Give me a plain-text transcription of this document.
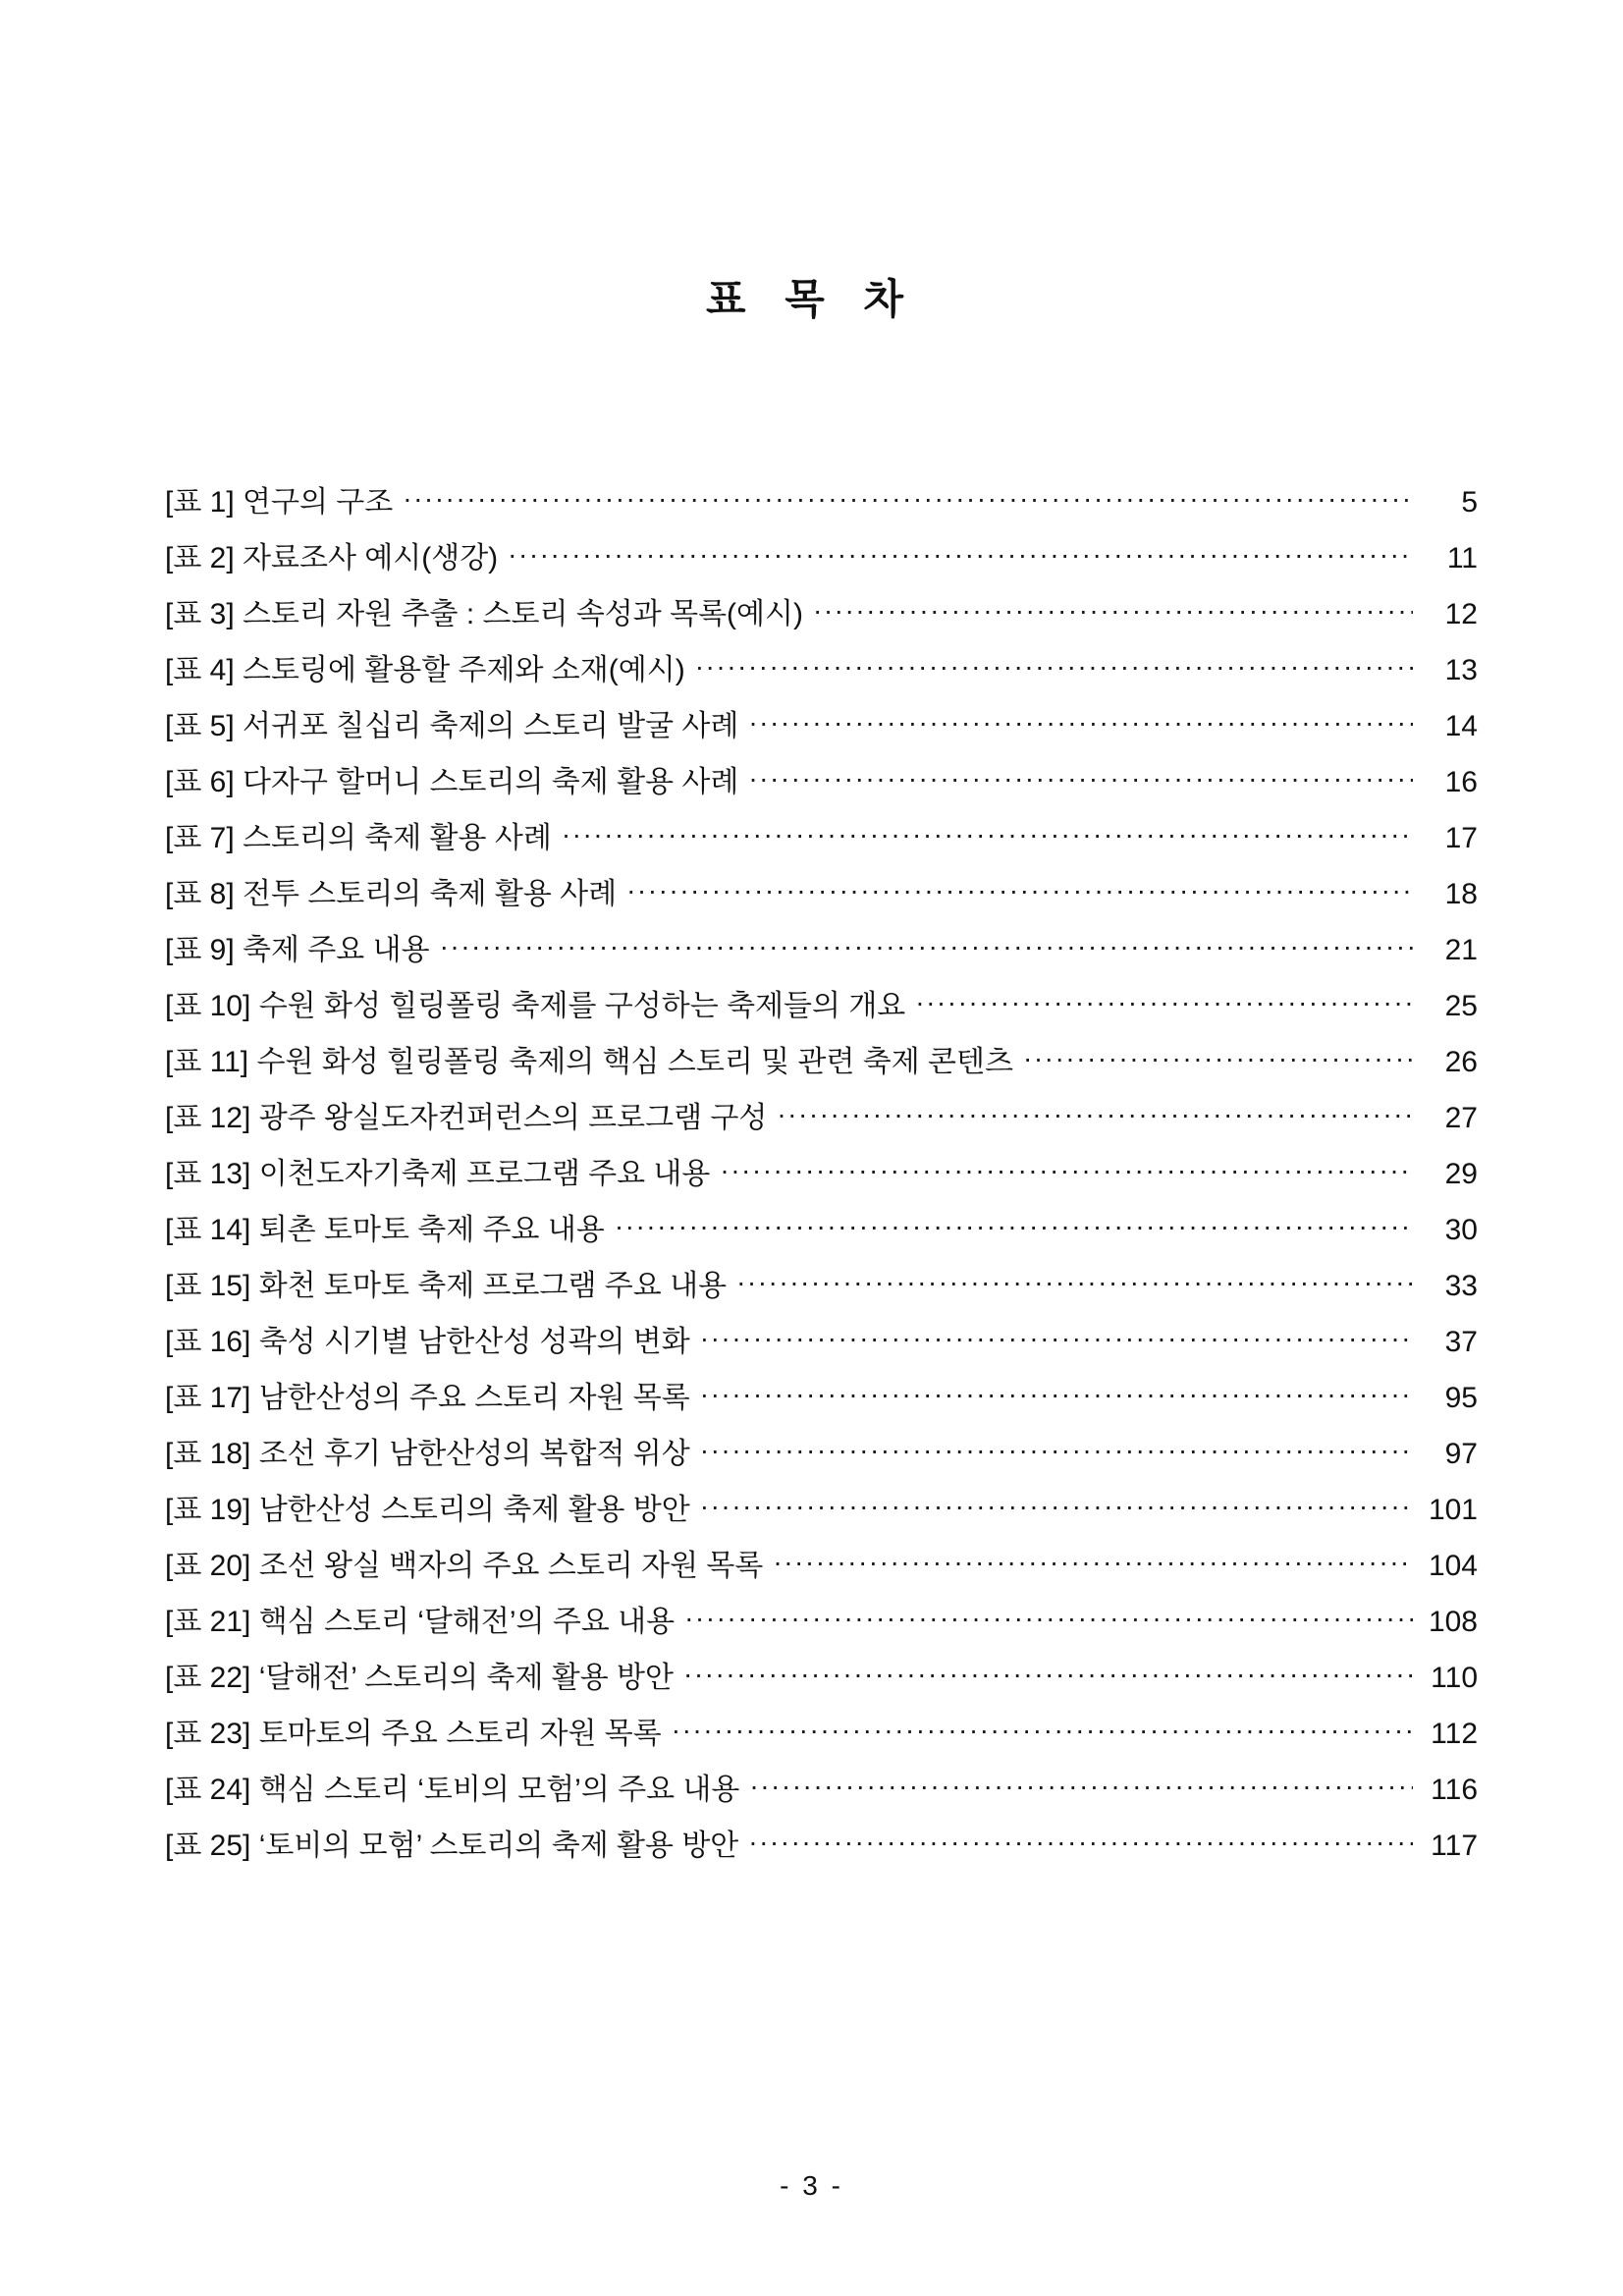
표 목 차
[표 1] 연구의 구조 ·····	5
[표 2] 자료조사 예시(생강) ·····	11
[표 3] 스토리 자원 추출 : 스토리 속성과 목록(예시) ·····	12
[표 4] 스토링에 활용할 주제와 소재(예시) ·····	13
[표 5] 서귀포 칠십리 축제의 스토리 발굴 사례 ·····	14
[표 6] 다자구 할머니 스토리의 축제 활용 사례 ·····	16
[표 7] 스토리의 축제 활용 사례 ·····	17
[표 8] 전투 스토리의 축제 활용 사례 ·····	18
[표 9] 축제 주요 내용 ·····	21
[표 10] 수원 화성 힐링폴링 축제를 구성하는 축제들의 개요 ·····	25
[표 11] 수원 화성 힐링폴링 축제의 핵심 스토리 및 관련 축제 콘텐츠 ·····	26
[표 12] 광주 왕실도자컨퍼런스의 프로그램 구성 ·····	27
[표 13] 이천도자기축제 프로그램 주요 내용 ·····	29
[표 14] 퇴촌 토마토 축제 주요 내용 ·····	30
[표 15] 화천 토마토 축제 프로그램 주요 내용 ·····	33
[표 16] 축성 시기별 남한산성 성곽의 변화 ·····	37
[표 17] 남한산성의 주요 스토리 자원 목록 ·····	95
[표 18] 조선 후기 남한산성의 복합적 위상 ·····	97
[표 19] 남한산성 스토리의 축제 활용 방안 ·····	101
[표 20] 조선 왕실 백자의 주요 스토리 자원 목록 ·····	104
[표 21] 핵심 스토리 ‘달해전’의 주요 내용 ·····	108
[표 22] ‘달해전’ 스토리의 축제 활용 방안 ·····	110
[표 23] 토마토의 주요 스토리 자원 목록 ·····	112
[표 24] 핵심 스토리 ‘토비의 모험’의 주요 내용 ·····	116
[표 25] ‘토비의 모험’ 스토리의 축제 활용 방안 ·····	117
- 3 -
